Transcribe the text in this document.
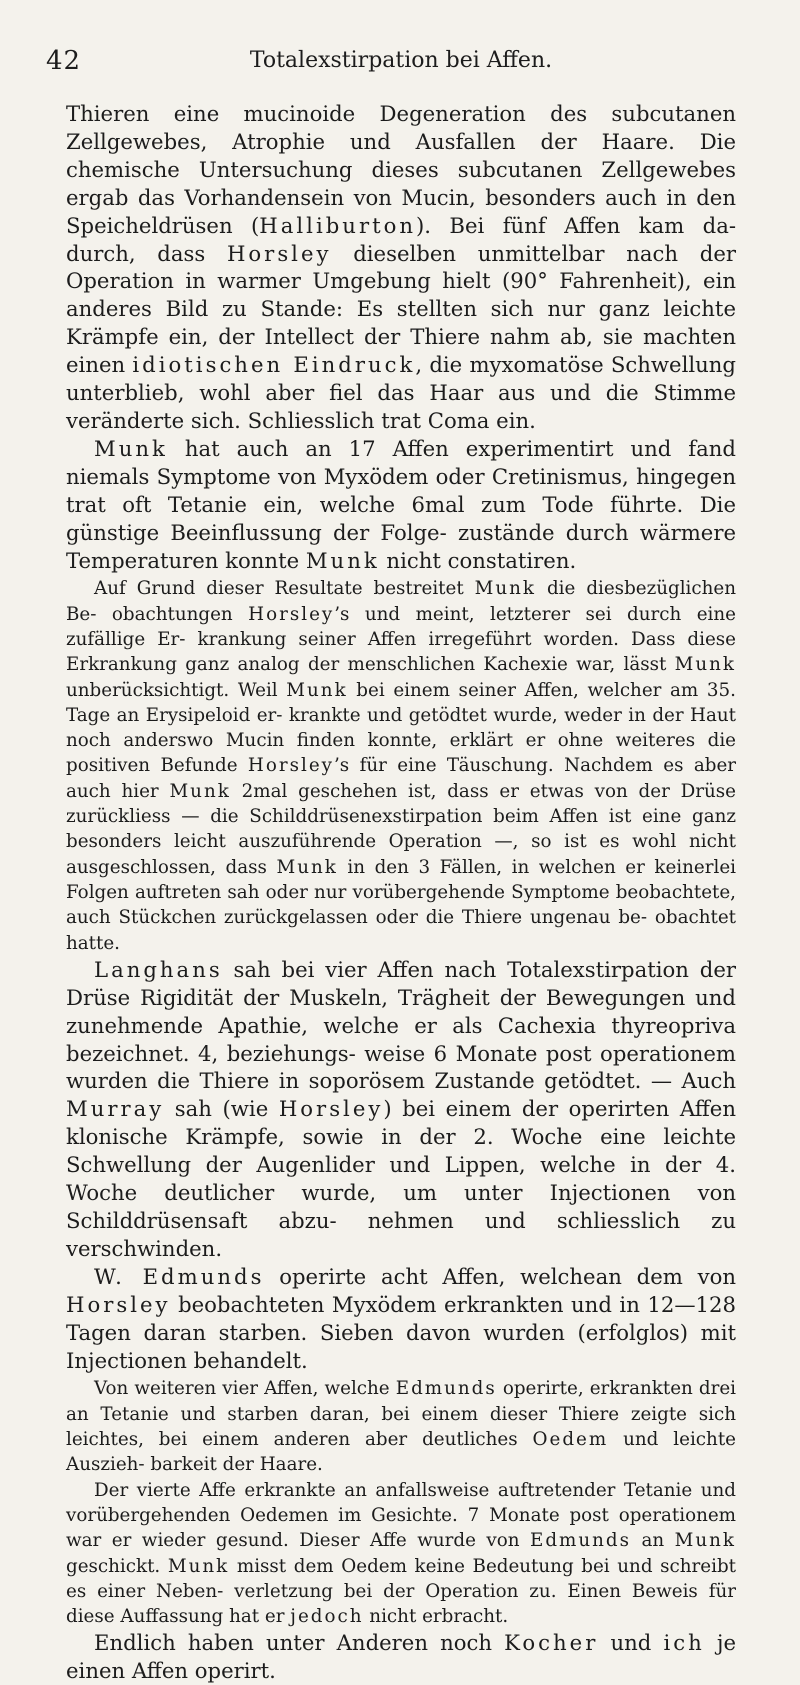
42	Totalexstirpation bei Affen.

Thieren eine mucinoide Degeneration des subcutanen Zellgewebes, Atrophie und Ausfallen der Haare. Die chemische Untersuchung dieses subcutanen Zellgewebes ergab das Vorhandensein von Mucin, besonders auch in den Speicheldrüsen (Halliburton). Bei fünf Affen kam da- durch, dass Horsley dieselben unmittelbar nach der Operation in warmer Umgebung hielt (90° Fahrenheit), ein anderes Bild zu Stande: Es stellten sich nur ganz leichte Krämpfe ein, der Intellect der Thiere nahm ab, sie machten einen idiotischen Eindruck, die myxomatöse Schwellung unterblieb, wohl aber fiel das Haar aus und die Stimme veränderte sich. Schliesslich trat Coma ein.

Munk hat auch an 17 Affen experimentirt und fand niemals Symptome von Myxödem oder Cretinismus, hingegen trat oft Tetanie ein, welche 6mal zum Tode führte. Die günstige Beeinflussung der Folge- zustände durch wärmere Temperaturen konnte Munk nicht constatiren.

Auf Grund dieser Resultate bestreitet Munk die diesbezüglichen Be- obachtungen Horsley’s und meint, letzterer sei durch eine zufällige Er- krankung seiner Affen irregeführt worden. Dass diese Erkrankung ganz analog der menschlichen Kachexie war, lässt Munk unberücksichtigt. Weil Munk bei einem seiner Affen, welcher am 35. Tage an Erysipeloid er- krankte und getödtet wurde, weder in der Haut noch anderswo Mucin finden konnte, erklärt er ohne weiteres die positiven Befunde Horsley’s für eine Täuschung. Nachdem es aber auch hier Munk 2mal geschehen ist, dass er etwas von der Drüse zurückliess — die Schilddrüsenexstirpation beim Affen ist eine ganz besonders leicht auszuführende Operation —, so ist es wohl nicht ausgeschlossen, dass Munk in den 3 Fällen, in welchen er keinerlei Folgen auftreten sah oder nur vorübergehende Symptome beobachtete, auch Stückchen zurückgelassen oder die Thiere ungenau be- obachtet hatte.

Langhans sah bei vier Affen nach Totalexstirpation der Drüse Rigidität der Muskeln, Trägheit der Bewegungen und zunehmende Apathie, welche er als Cachexia thyreopriva bezeichnet. 4, beziehungs- weise 6 Monate post operationem wurden die Thiere in soporösem Zustande getödtet. — Auch Murray sah (wie Horsley) bei einem der operirten Affen klonische Krämpfe, sowie in der 2. Woche eine leichte Schwellung der Augenlider und Lippen, welche in der 4. Woche deutlicher wurde, um unter Injectionen von Schilddrüsensaft abzu- nehmen und schliesslich zu verschwinden.

W. Edmunds operirte acht Affen, welchean dem von Horsley beobachteten Myxödem erkrankten und in 12—128 Tagen daran starben. Sieben davon wurden (erfolglos) mit Injectionen behandelt.

Von weiteren vier Affen, welche Edmunds operirte, erkrankten drei an Tetanie und starben daran, bei einem dieser Thiere zeigte sich leichtes, bei einem anderen aber deutliches Oedem und leichte Auszieh- barkeit der Haare.

Der vierte Affe erkrankte an anfallsweise auftretender Tetanie und vorübergehenden Oedemen im Gesichte. 7 Monate post operationem war er wieder gesund. Dieser Affe wurde von Edmunds an Munk geschickt. Munk misst dem Oedem keine Bedeutung bei und schreibt es einer Neben- verletzung bei der Operation zu. Einen Beweis für diese Auffassung hat er jedoch nicht erbracht.

Endlich haben unter Anderen noch Kocher und ich je einen Affen operirt.
